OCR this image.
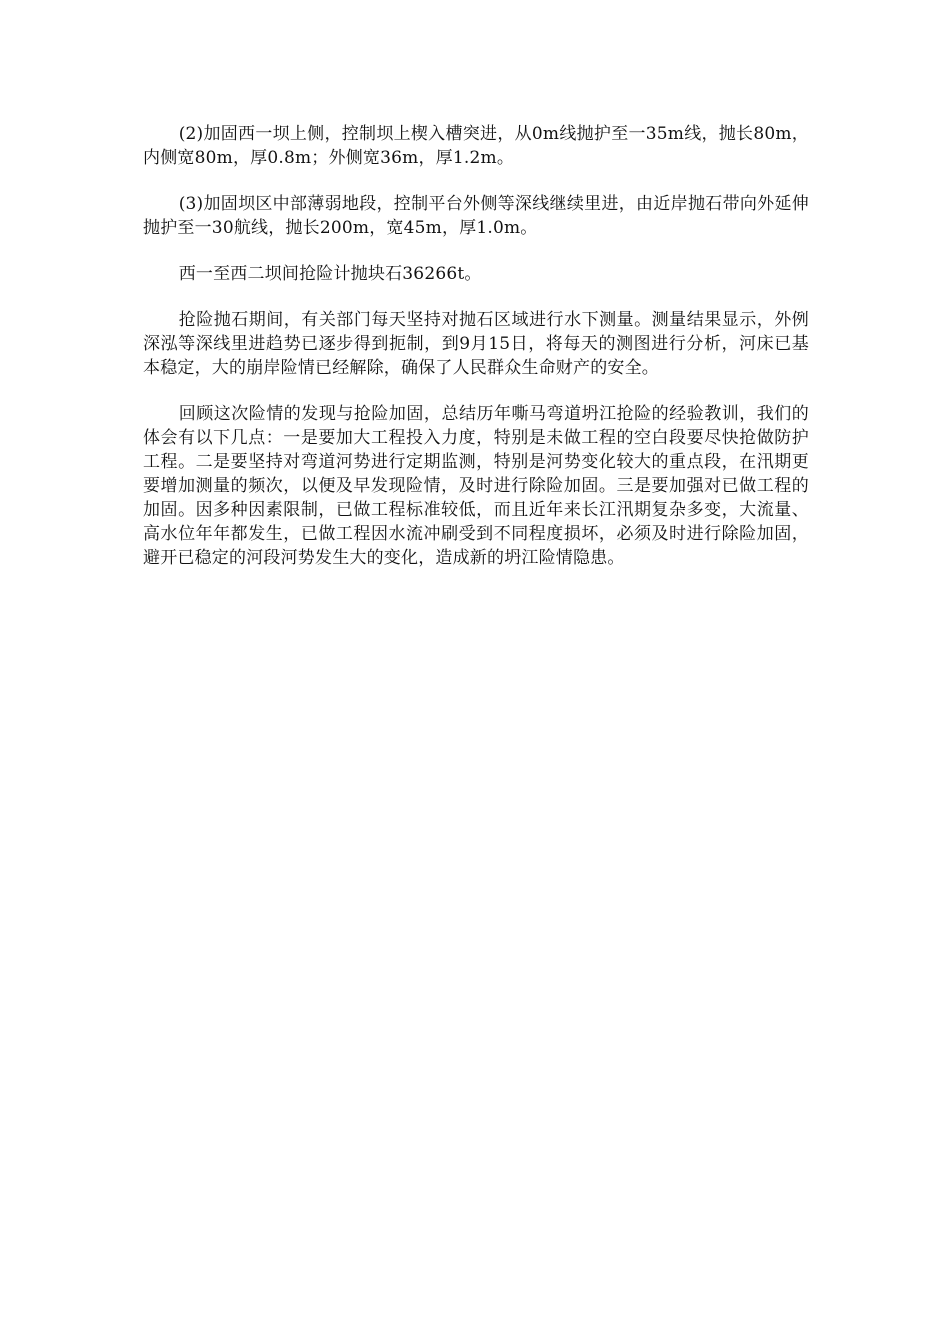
(2)加固西一坝上侧，控制坝上楔入槽突进，从0m线抛护至一35m线，抛长80m，内侧宽80m，厚0.8m；外侧宽36m，厚1.2m。

(3)加固坝区中部薄弱地段，控制平台外侧等深线继续里进，由近岸抛石带向外延伸抛护至一30航线，抛长200m，宽45m，厚1.0m。

西一至西二坝间抢险计抛块石36266t。

抢险抛石期间，有关部门每天坚持对抛石区域进行水下测量。测量结果显示，外例深泓等深线里进趋势已逐步得到扼制，到9月15日，将每天的测图进行分析，河床已基本稳定，大的崩岸险情已经解除，确保了人民群众生命财产的安全。

回顾这次险情的发现与抢险加固，总结历年嘶马弯道坍江抢险的经验教训，我们的体会有以下几点：一是要加大工程投入力度，特别是未做工程的空白段要尽快抢做防护工程。二是要坚持对弯道河势进行定期监测，特别是河势变化较大的重点段，在汛期更要增加测量的频次，以便及早发现险情，及时进行除险加固。三是要加强对已做工程的加固。因多种因素限制，已做工程标准较低，而且近年来长江汛期复杂多变，大流量、高水位年年都发生，已做工程因水流冲刷受到不同程度损坏，必须及时进行除险加固，避开已稳定的河段河势发生大的变化，造成新的坍江险情隐患。
